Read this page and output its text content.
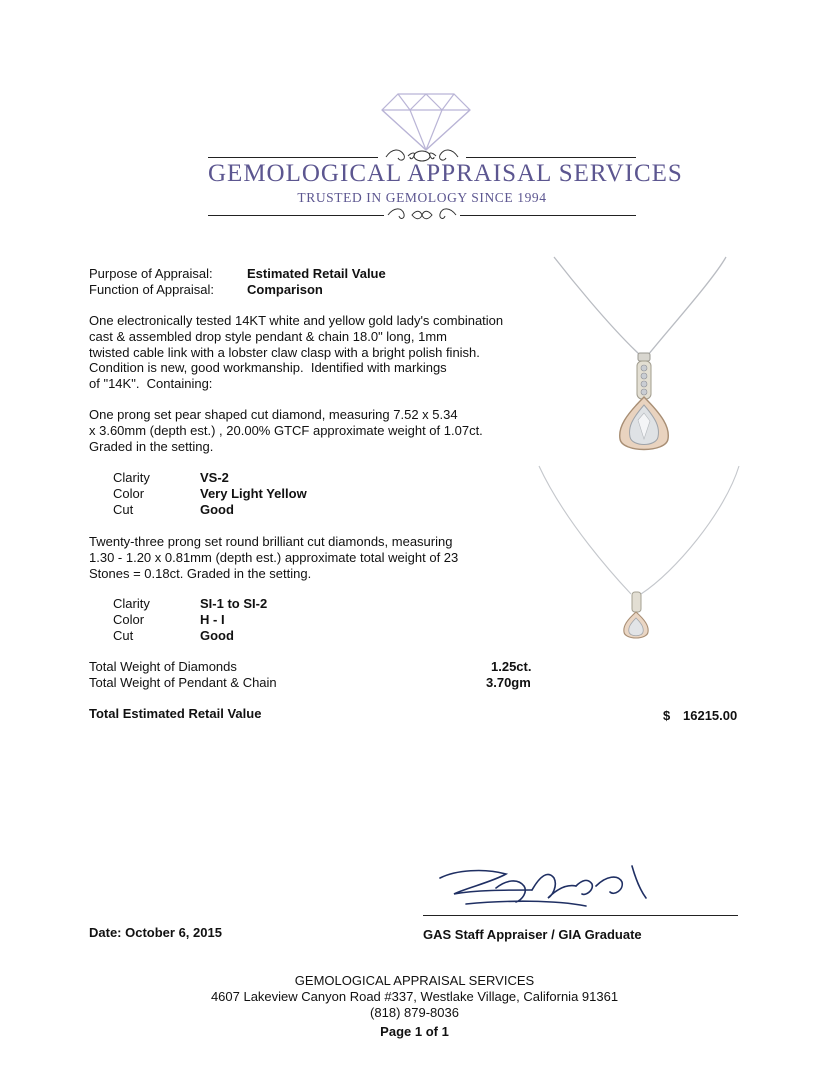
GEMOLOGICAL APPRAISAL SERVICES
TRUSTED IN GEMOLOGY SINCE 1994
Purpose of Appraisal:	Estimated Retail Value
Function of Appraisal:	Comparison
One electronically tested 14KT white and yellow gold lady's combination
cast & assembled drop style pendant & chain 18.0" long, 1mm
twisted cable link with a lobster claw clasp with a bright polish finish.
Condition is new, good workmanship.  Identified with markings
of "14K".  Containing:
One prong set pear shaped cut diamond, measuring 7.52 x 5.34
x 3.60mm (depth est.) , 20.00% GTCF approximate weight of 1.07ct.
Graded in the setting.
Clarity	VS-2
Color	Very Light Yellow
Cut	Good
Twenty-three prong set round brilliant cut diamonds, measuring
1.30 - 1.20 x 0.81mm (depth est.) approximate total weight of 23
Stones = 0.18ct. Graded in the setting.
Clarity	SI-1 to SI-2
Color	H - I
Cut	Good
Total Weight of Diamonds	1.25ct.
Total Weight of Pendant & Chain	3.70gm
Total Estimated Retail Value	$ 16215.00
Date: October 6, 2015	GAS Staff Appraiser / GIA Graduate
GEMOLOGICAL APPRAISAL SERVICES
4607 Lakeview Canyon Road #337, Westlake Village, California 91361
(818) 879-8036
Page 1 of 1
